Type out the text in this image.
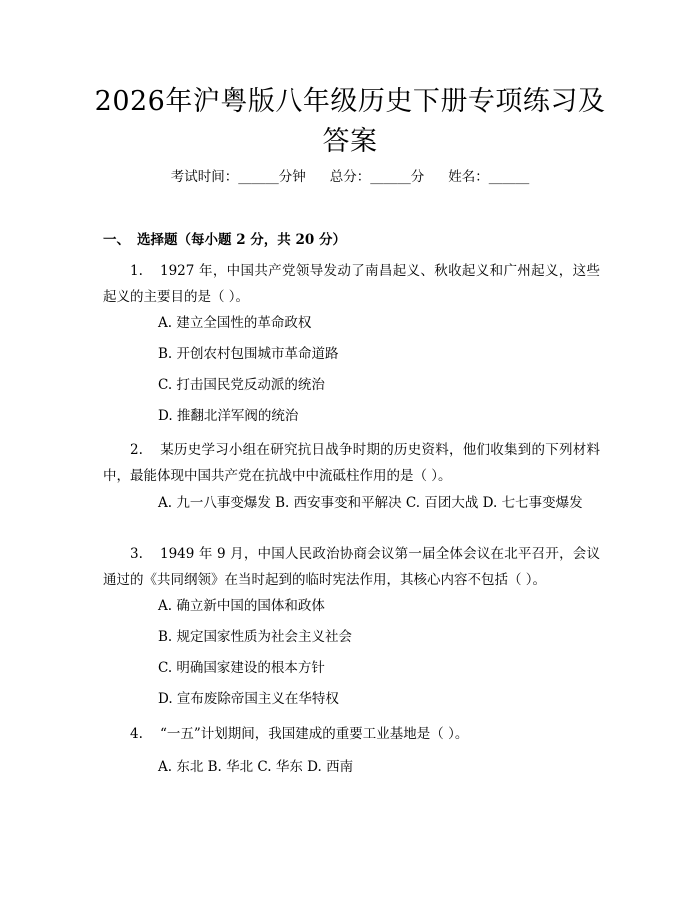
2026年沪粤版八年级历史下册专项练习及答案
考试时间：______分钟 总分：______分 姓名：______
一、 选择题（每小题 2 分，共 20 分）
1. 1927 年，中国共产党领导发动了南昌起义、秋收起义和广州起义，这些起义的主要目的是（ ）。
A. 建立全国性的革命政权
B. 开创农村包围城市革命道路
C. 打击国民党反动派的统治
D. 推翻北洋军阀的统治
2. 某历史学习小组在研究抗日战争时期的历史资料，他们收集到的下列材料中，最能体现中国共产党在抗战中中流砥柱作用的是（ ）。
A. 九一八事变爆发 B. 西安事变和平解决 C. 百团大战 D. 七七事变爆发
3. 1949 年 9 月，中国人民政治协商会议第一届全体会议在北平召开，会议通过的《共同纲领》在当时起到的临时宪法作用，其核心内容不包括（ ）。
A. 确立新中国的国体和政体
B. 规定国家性质为社会主义社会
C. 明确国家建设的根本方针
D. 宣布废除帝国主义在华特权
4. “一五”计划期间，我国建成的重要工业基地是（ ）。
A. 东北 B. 华北 C. 华东 D. 西南
